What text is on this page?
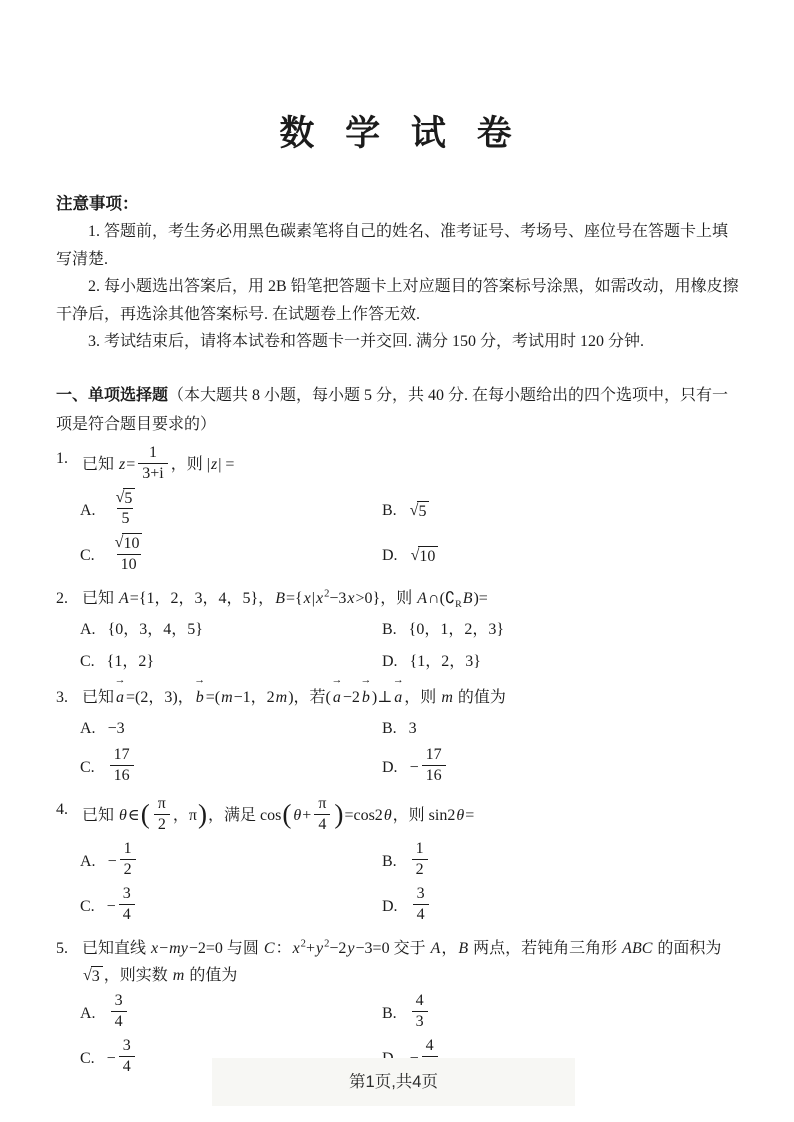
数 学 试 卷
注意事项：

1. 答题前，考生务必用黑色碳素笔将自己的姓名、准考证号、考场号、座位号在答题卡上填写清楚.

2. 每小题选出答案后，用 2B 铅笔把答题卡上对应题目的答案标号涂黑，如需改动，用橡皮擦干净后，再选涂其他答案标号. 在试题卷上作答无效.

3. 考试结束后，请将本试卷和答题卡一并交回. 满分 150 分，考试用时 120 分钟.

一、单项选择题（本大题共 8 小题，每小题 5 分，共 40 分. 在每小题给出的四个选项中，只有一项是符合题目要求的）

1. 已知 $z= \frac{1}{3+i}$ ，则 |z| =
A. $\frac{√ 5}{5}$	B. √ 5
C. $\frac{√ 10}{10}$	D. √ 10
2. 已知 A={1，2，3，4，5}，$B=\{x|x^2-3x>0\}$，则 $A\cap(∁_RB)=$
A. {0，3，4，5}	B. {0，1，2，3}
C. {1，2}	D. {1，2，3}
3. 已知 a → =(2，3)， b → =(m−1，2m)，若( a → −2 b → )⊥ a → ，则 m 的值为
A. −3	B. 3
C. $\frac{17}{16}$	D. − $\frac{17}{16}$
4. 已知 θ∈( $\frac{\pi}{2}$ ，π)，满足 cos( $\theta+ \frac{\pi}{4} )=\cos 2\theta$，则 sin2θ=
A. − $\frac{1}{2}$	B. $\frac{1}{2}$
C. − $\frac{3}{4}$	D. $\frac{3}{4}$
5. 已知直线 x−my−2=0 与圆 C：$x^2+y^2-2y-3=0$ 交于 A，B 两点，若钝角三角形 ABC 的面积为
√ 3 ，则实数 m 的值为
A. $\frac{3}{4}$	B. $\frac{4}{3}$
C. − $\frac{3}{4}$	4
第1页,共4页
